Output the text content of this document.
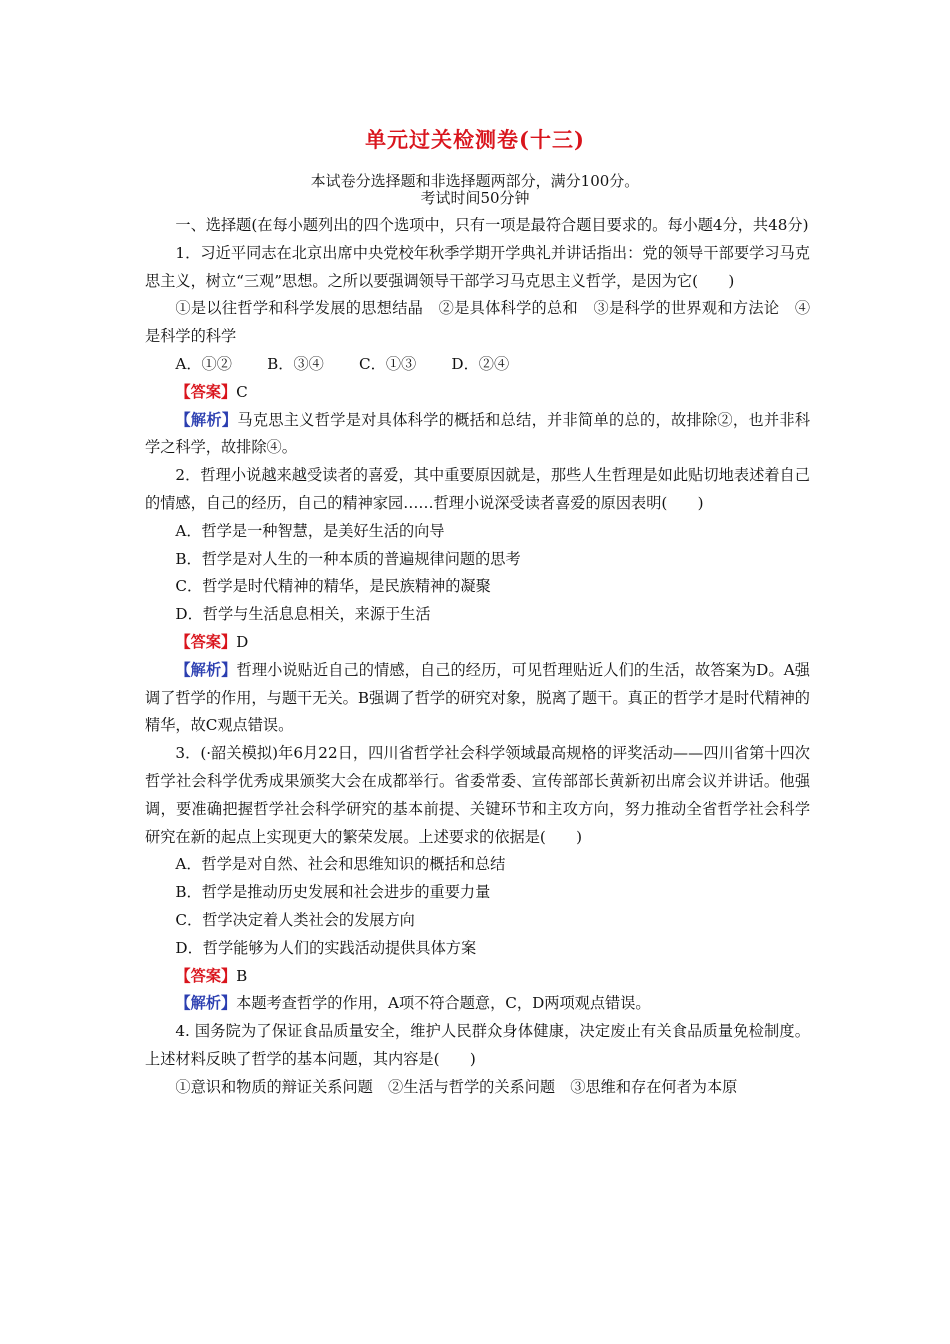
单元过关检测卷(十三)
本试卷分选择题和非选择题两部分，满分100分。
考试时间50分钟

一、选择题(在每小题列出的四个选项中，只有一项是最符合题目要求的。每小题4分，共48分)

1．习近平同志在北京出席中央党校年秋季学期开学典礼并讲话指出：党的领导干部要学习马克思主义，树立“三观”思想。之所以要强调领导干部学习马克思主义哲学，是因为它(　　)

①是以往哲学和科学发展的思想结晶　②是具体科学的总和　③是科学的世界观和方法论　④是科学的科学

A．①②　　 B．③④　　 C．①③　　 D．②④

【答案】C

【解析】马克思主义哲学是对具体科学的概括和总结，并非简单的总的，故排除②，也并非科学之科学，故排除④。

2．哲理小说越来越受读者的喜爱，其中重要原因就是，那些人生哲理是如此贴切地表述着自己的情感，自己的经历，自己的精神家园……哲理小说深受读者喜爱的原因表明(　　)

A．哲学是一种智慧，是美好生活的向导

B．哲学是对人生的一种本质的普遍规律问题的思考

C．哲学是时代精神的精华，是民族精神的凝聚

D．哲学与生活息息相关，来源于生活

【答案】D

【解析】哲理小说贴近自己的情感，自己的经历，可见哲理贴近人们的生活，故答案为D。A强调了哲学的作用，与题干无关。B强调了哲学的研究对象，脱离了题干。真正的哲学才是时代精神的精华，故C观点错误。

3．(·韶关模拟)年6月22日，四川省哲学社会科学领域最高规格的评奖活动——四川省第十四次哲学社会科学优秀成果颁奖大会在成都举行。省委常委、宣传部部长黄新初出席会议并讲话。他强调，要准确把握哲学社会科学研究的基本前提、关键环节和主攻方向，努力推动全省哲学社会科学研究在新的起点上实现更大的繁荣发展。上述要求的依据是(　　)

A．哲学是对自然、社会和思维知识的概括和总结

B．哲学是推动历史发展和社会进步的重要力量

C．哲学决定着人类社会的发展方向

D．哲学能够为人们的实践活动提供具体方案

【答案】B

【解析】本题考查哲学的作用，A项不符合题意，C，D两项观点错误。

4. 国务院为了保证食品质量安全，维护人民群众身体健康，决定废止有关食品质量免检制度。上述材料反映了哲学的基本问题，其内容是(　　)

①意识和物质的辩证关系问题　②生活与哲学的关系问题　③思维和存在何者为本原
